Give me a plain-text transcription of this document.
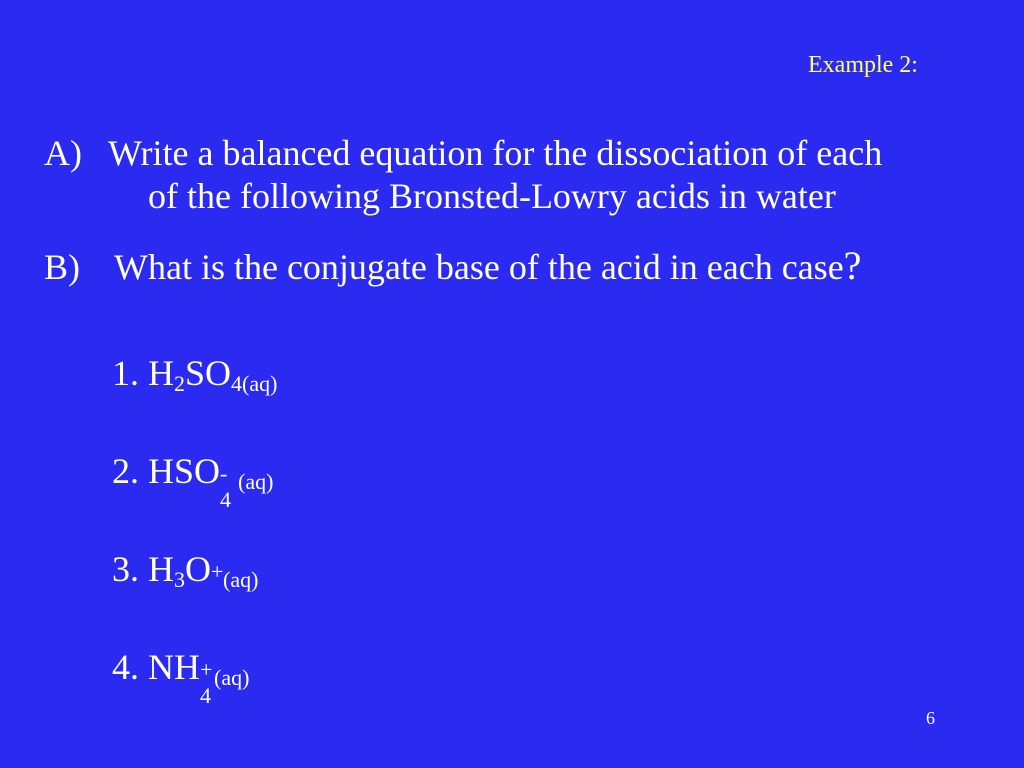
Example 2:
A) Write a balanced equation for the dissociation of each
of the following Bronsted-Lowry acids in water
B) What is the conjugate base of the acid in each case?
1. $H_2SO_{4(aq)}$
2. HSO -
4
$_{(aq)}$
3. $H_3O + _{(aq)}$
4. NH +
4
$_{(aq)}$
6
